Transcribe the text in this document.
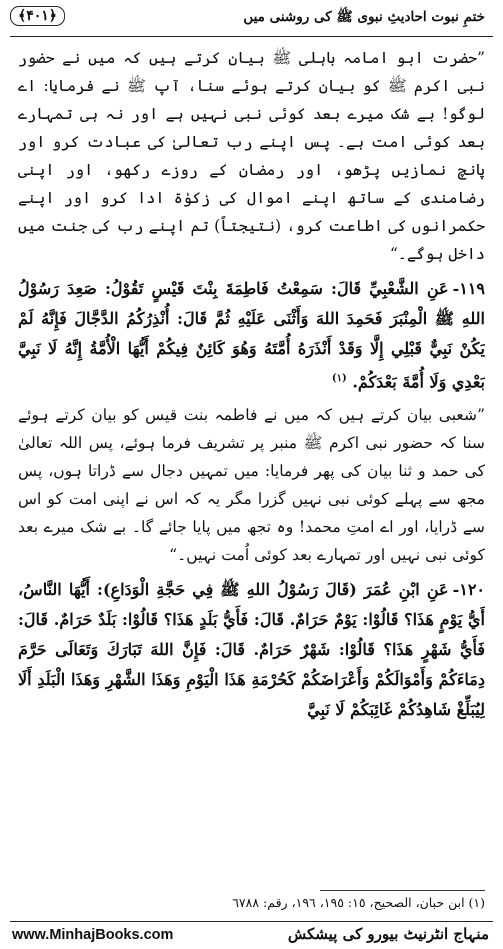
﴿۴۰۱﴾	ختمِ نبوت احادیثِ نبوی ﷺ کی روشنی میں

”حضرت ابو امامہ باہلی ﷺ بیان کرتے ہیں کہ میں نے حضور نبی اکرم ﷺ کو بیان کرتے ہوئے سنا، آپ ﷺ نے فرمایا: اے لوگو! بے شک میرے بعد کوئی نبی نہیں ہے اور نہ ہی تمہارے بعد کوئی امت ہے۔ پس اپنے رب تعالیٰ کی عبادت کرو اور پانچ نمازیں پڑھو، اور رمضان کے روزے رکھو، اور اپنی رضامندی کے ساتھ اپنے اموال کی زکوٰۃ ادا کرو اور اپنے حکمرانوں کی اطاعت کرو، (نتیجتاً) تم اپنے رب کی جنت میں داخل ہوگے۔“

١١٩-عَنِ الشَّعْبِيِّ قَالَ: سَمِعْتُ فَاطِمَةَ بِنْتَ قَيْسٍ تَقُوْلُ: صَعِدَ رَسُوْلُ اللهِ ﷺ الْمِنْبَرَ فَحَمِدَ اللهَ وَأَثْنَى عَلَيْهِ ثُمَّ قَالَ: أُنْذِرُكُمُ الدَّجَّالَ فَإِنَّهُ لَمْ يَكُنْ نَبِيٌّ قَبْلِي إِلَّا وَقَدْ أَنْذَرَهُ أُمَّتَهُ وَهُوَ كَائِنٌ فِيكُمْ أَيُّهَا الْأُمَّةُ إِنَّهُ لَا نَبِيَّ بَعْدِي وَلَا أُمَّةَ بَعْدَكُمْ. $^{(١)}$

”شعبی بیان کرتے ہیں کہ میں نے فاطمہ بنت قیس کو بیان کرتے ہوئے سنا کہ حضور نبی اکرم ﷺ منبر پر تشریف فرما ہوئے، پس اللہ تعالیٰ کی حمد و ثنا بیان کی پھر فرمایا: میں تمہیں دجال سے ڈراتا ہوں، پس مجھ سے پہلے کوئی نبی نہیں گزرا مگر یہ کہ اس نے اپنی امت کو اس سے ڈرایا، اور اے امتِ محمد! وہ تجھ میں پایا جائے گا۔ بے شک میرے بعد کوئی نبی نہیں اور تمہارے بعد کوئی اُمت نہیں۔“

١٢٠-عَنِ ابْنِ عُمَرَ (قَالَ رَسُوْلُ اللهِ ﷺ فِي حَجَّةِ الْوَدَاعِ): أَيُّهَا النَّاسُ، أَيُّ يَوْمٍ هَذَا؟ قَالُوْا: يَوْمٌ حَرَامٌ. قَالَ: فَأَيُّ بَلَدٍ هَذَا؟ قَالُوْا: بَلَدٌ حَرَامٌ. قَالَ: فَأَيُّ شَهْرٍ هَذَا؟ قَالُوْا: شَهْرٌ حَرَامٌ. قَالَ: فَإِنَّ اللهَ تَبَارَكَ وَتَعَالَى حَرَّمَ دِمَاءَكُمْ وَأَمْوَالَكُمْ وَأَعْرَاضَكُمْ كَحُرْمَةِ هَذَا الْيَوْمِ وَهَذَا الشَّهْرِ وَهَذَا الْبَلَدِ أَلَا لِيُبَلِّغْ شَاهِدُكُمْ غَائِبَكُمْ لَا نَبِيَّ

(١) ابن حبان، الصحيح، ١٥: ١٩٥، ١٩٦، رقم: ٦٧٨٨
منہاج انٹرنیٹ بیورو کی پیشکش
www.MinhajBooks.com
